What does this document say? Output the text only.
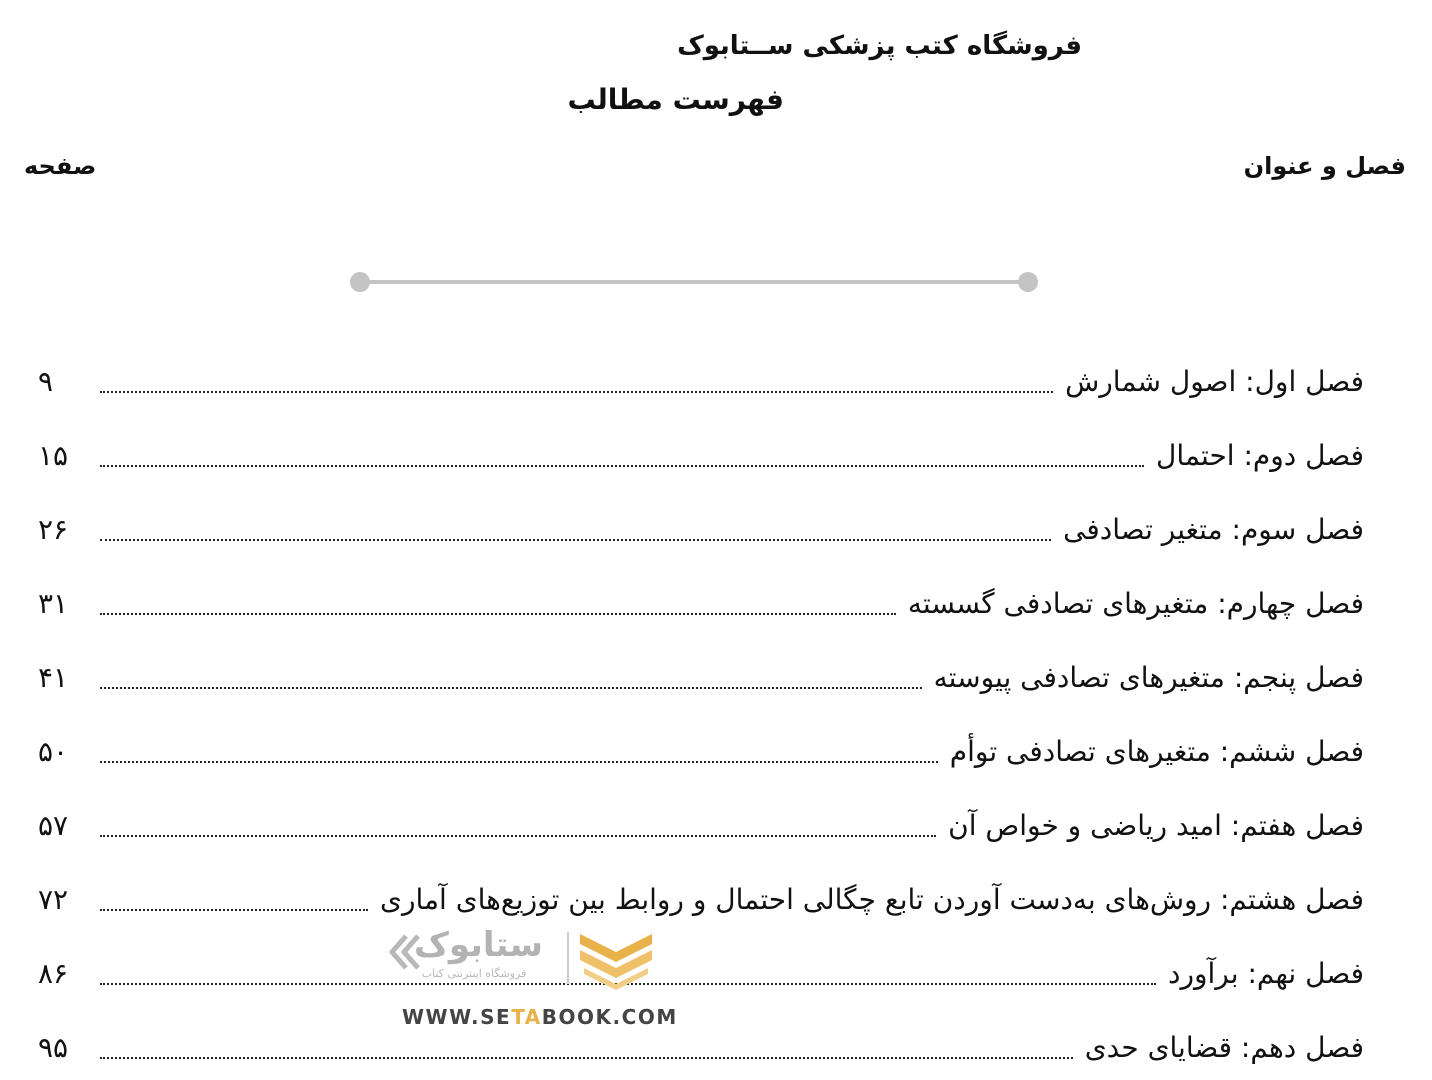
فروشگاه کتب پزشکی ســتابوک
فهرست مطالب
فصل و عنوان
صفحه
فصل اول: اصول شمارش
۹
فصل دوم: احتمال
۱۵
فصل سوم: متغیر تصادفی
۲۶
فصل چهارم: متغیرهای تصادفی گسسته
۳۱
فصل پنجم: متغیرهای تصادفی پیوسته
۴۱
فصل ششم: متغیرهای تصادفی توأم
۵۰
فصل هفتم: امید ریاضی و خواص آن
۵۷
فصل هشتم: روش‌های به‌دست آوردن تابع چگالی احتمال و روابط بین توزیع‌های آماری
۷۲
فصل نهم: برآورد
۸۶
فصل دهم: قضایای حدی
۹۵
ستابوک
فروشگاه اینترنتی کتاب
WWW.SETABOOK.COM
